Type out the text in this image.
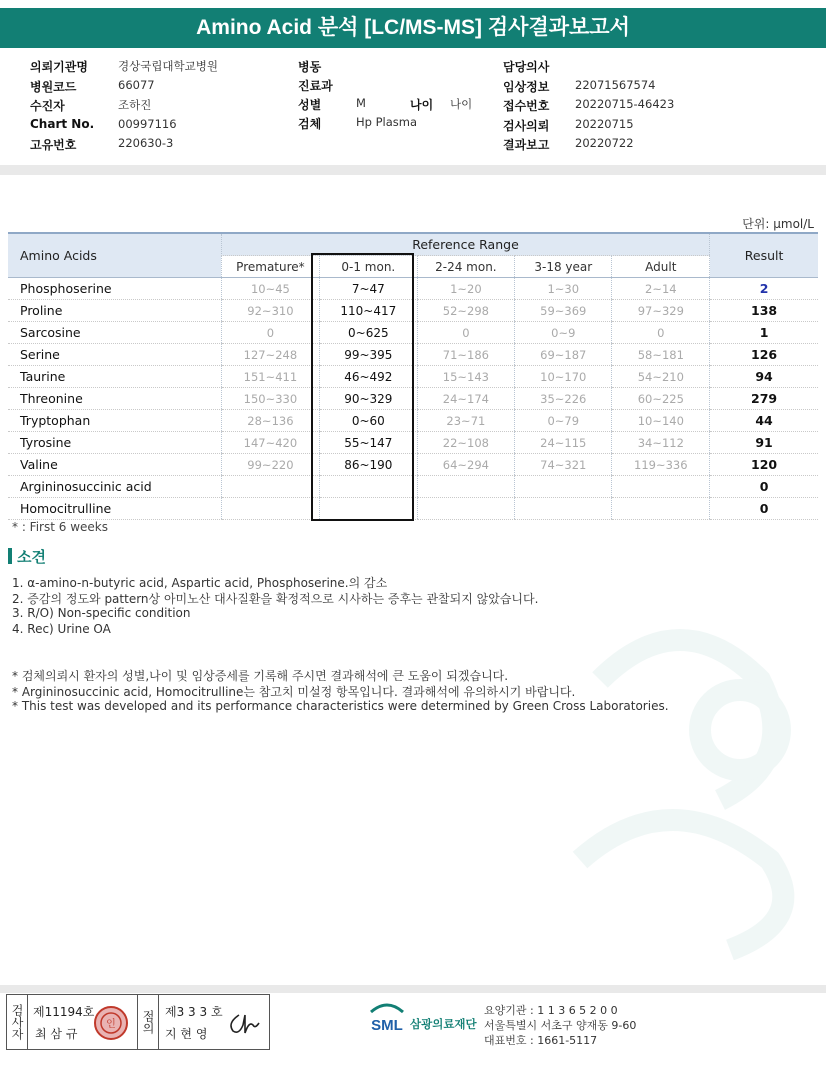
Amino Acid 분석 [LC/MS-MS] 검사결과보고서
의뢰기관명	경상국립대학교병원
병원코드	66077
수진자	조하진
Chart No. 00997116
고유번호	220630-3
병동
진료과
성별	M
검체	Hp Plasma
담당의사
임상정보 22071567574
접수번호 20220715-46423
검사의뢰 20220715
결과보고 20220722
나이 나이
단위: μmol/L
Amino Acids	Reference Range					Result
	Premature*	0-1 mon.	2-24 mon.	3-18 year	Adult	
Phosphoserine	10~45	7~47	1~20	1~30	2~14	2
Proline	92~310	110~417	52~298	59~369	97~329	138
Sarcosine	0	0~625	0	0~9	0	1
Serine	127~248	99~395	71~186	69~187	58~181	126
Taurine	151~411	46~492	15~143	10~170	54~210	94
Threonine	150~330	90~329	24~174	35~226	60~225	279
Tryptophan	28~136	0~60	23~71	0~79	10~140	44
Tyrosine	147~420	55~147	22~108	24~115	34~112	91
Valine	99~220	86~190	64~294	74~321	119~336	120
Argininosuccinic acid						0
Homocitrulline						0
* : First 6 weeks
소견
1. α-amino-n-butyric acid, Aspartic acid, Phosphoserine.의 감소
2. 증감의 정도와 pattern상 아미노산 대사질환을 확정적으로 시사하는 증후는 관찰되지 않았습니다.
3. R/O) Non-specific condition
4. Rec) Urine OA
* 검체의뢰시 환자의 성별,나이 및 임상증세를 기록해 주시면 결과해석에 큰 도움이 되겠습니다.
* Argininosuccinic acid, Homocitrulline는 참고치 미설정 항목입니다. 결과해석에 유의하시기 바랍니다.
* This test was developed and its performance characteristics were determined by Green Cross Laboratories.
검사자 제11194호
최 삼 규
인	점의 제3 3 3 호
지 현 영	SML 삼광의료재단
요양기관 : 1 1 3 6 5 2 0 0
서울특별시 서초구 양재동 9-60
대표번호 : 1661-5117
